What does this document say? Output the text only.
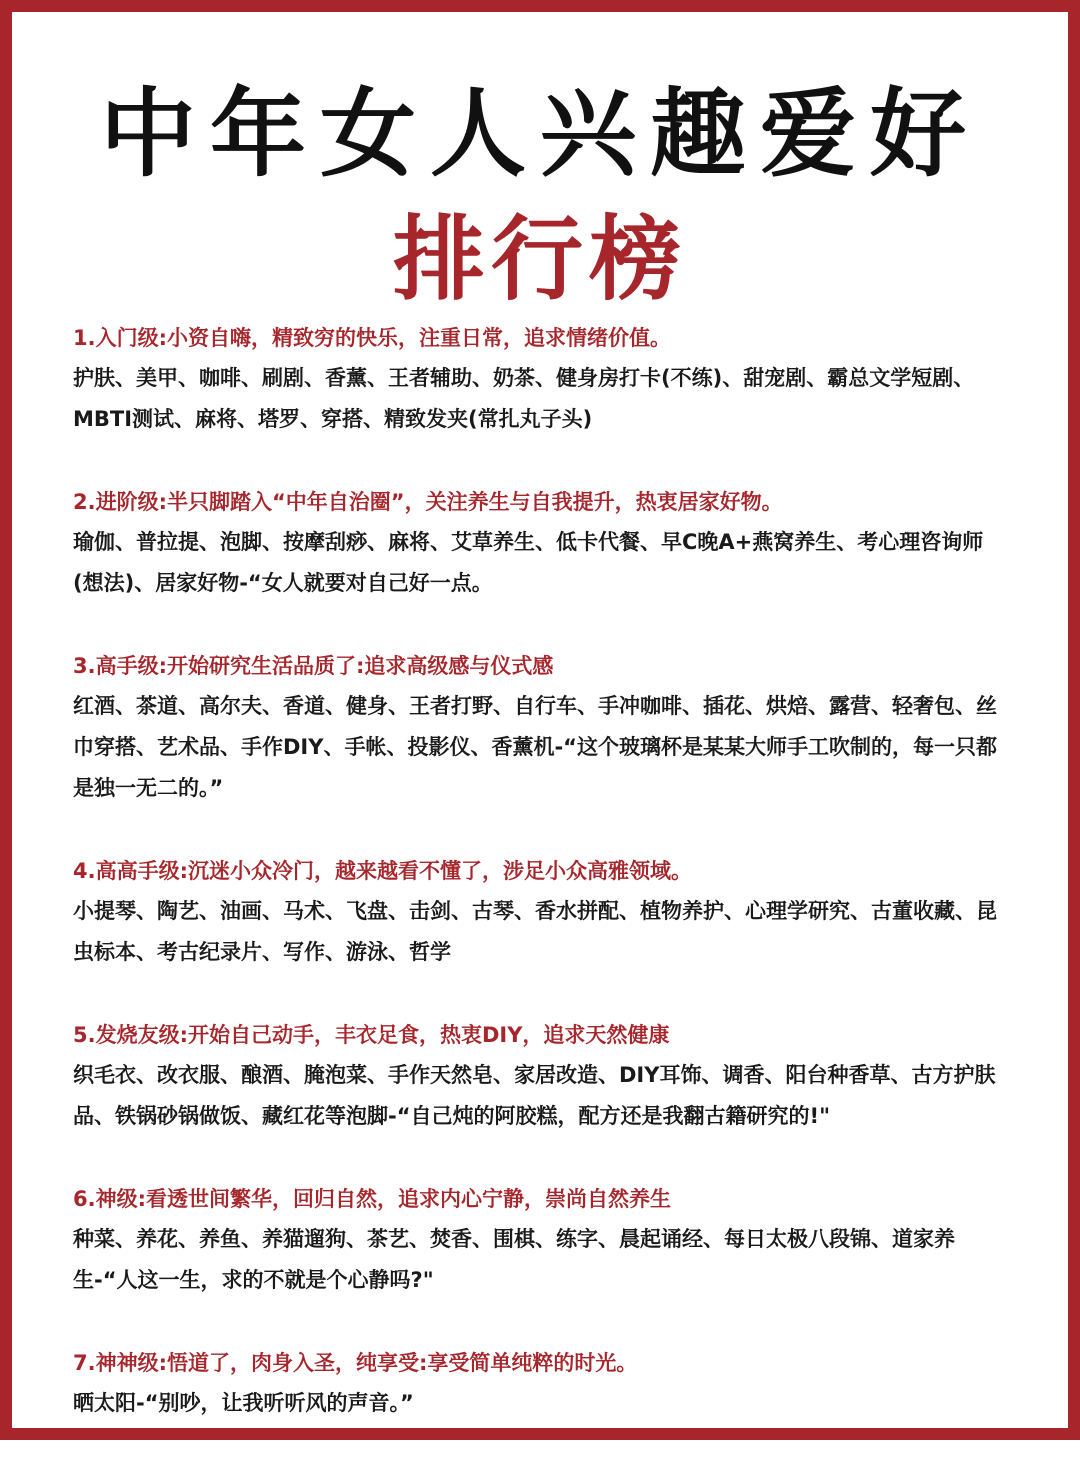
中年女人兴趣爱好
排行榜
1.入门级:小资自嗨，精致穷的快乐，注重日常，追求情绪价值。
护肤、美甲、咖啡、刷剧、香薰、王者辅助、奶茶、健身房打卡(不练)、甜宠剧、霸总文学短剧、MBTI测试、麻将、塔罗、穿搭、精致发夹(常扎丸子头)
2.进阶级:半只脚踏入“中年自治圈”，关注养生与自我提升，热衷居家好物。
瑜伽、普拉提、泡脚、按摩刮痧、麻将、艾草养生、低卡代餐、早C晚A+燕窝养生、考心理咨询师(想法)、居家好物-“女人就要对自己好一点。
3.高手级:开始研究生活品质了:追求高级感与仪式感
红酒、茶道、高尔夫、香道、健身、王者打野、自行车、手冲咖啡、插花、烘焙、露营、轻奢包、丝巾穿搭、艺术品、手作DIY、手帐、投影仪、香薰机-“这个玻璃杯是某某大师手工吹制的，每一只都是独一无二的。”
4.高高手级:沉迷小众冷门，越来越看不懂了，涉足小众高雅领域。
小提琴、陶艺、油画、马术、飞盘、击剑、古琴、香水拼配、植物养护、心理学研究、古董收藏、昆虫标本、考古纪录片、写作、游泳、哲学
5.发烧友级:开始自己动手，丰衣足食，热衷DIY，追求天然健康
织毛衣、改衣服、酿酒、腌泡菜、手作天然皂、家居改造、DIY耳饰、调香、阳台种香草、古方护肤品、铁锅砂锅做饭、藏红花等泡脚-“自己炖的阿胶糕，配方还是我翻古籍研究的!"
6.神级:看透世间繁华，回归自然，追求内心宁静，崇尚自然养生
种菜、养花、养鱼、养猫遛狗、茶艺、焚香、围棋、练字、晨起诵经、每日太极八段锦、道家养生-“人这一生，求的不就是个心静吗?"
7.神神级:悟道了，肉身入圣，纯享受:享受简单纯粹的时光。
晒太阳-“别吵，让我听听风的声音。”
